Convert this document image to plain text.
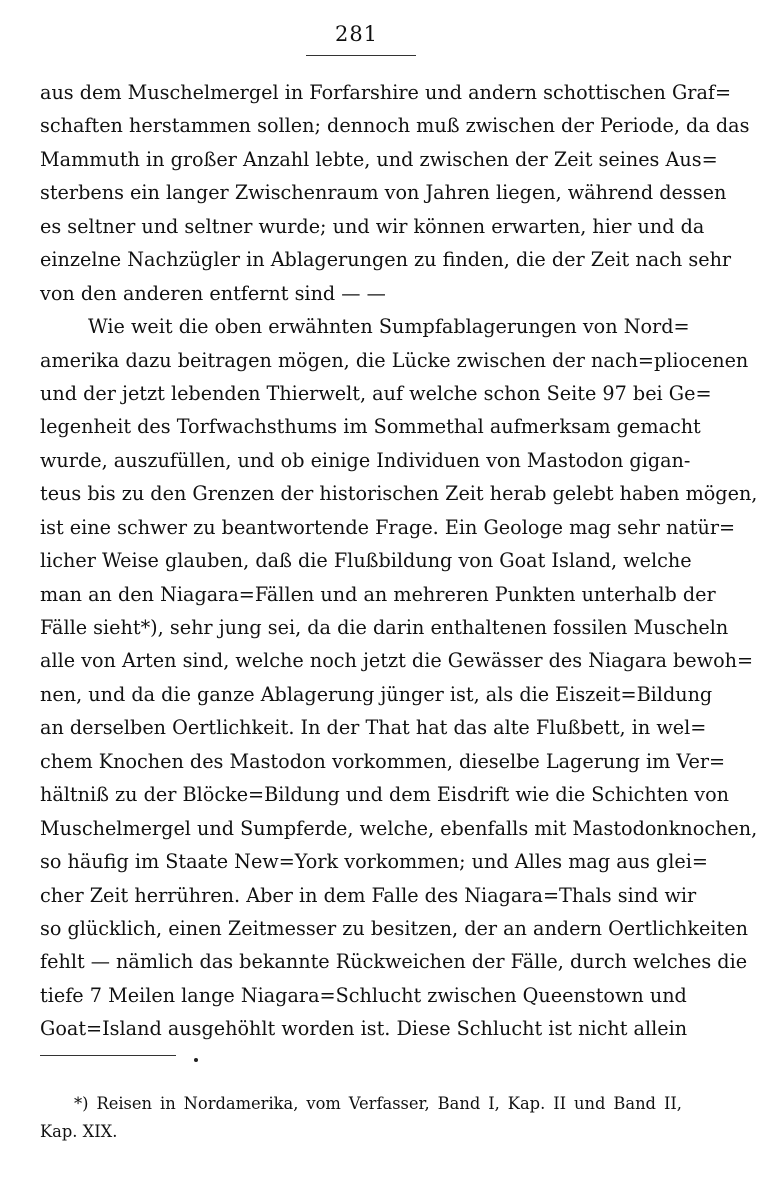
281
aus dem Muschelmergel in Forfarshire und andern schottischen Graf=
schaften herstammen sollen; dennoch muß zwischen der Periode, da das
Mammuth in großer Anzahl lebte, und zwischen der Zeit seines Aus=
sterbens ein langer Zwischenraum von Jahren liegen, während dessen
es seltner und seltner wurde; und wir können erwarten, hier und da
einzelne Nachzügler in Ablagerungen zu finden, die der Zeit nach sehr
von den anderen entfernt sind — —
Wie weit die oben erwähnten Sumpfablagerungen von Nord=
amerika dazu beitragen mögen, die Lücke zwischen der nach=pliocenen
und der jetzt lebenden Thierwelt, auf welche schon Seite 97 bei Ge=
legenheit des Torfwachsthums im Sommethal aufmerksam gemacht
wurde, auszufüllen, und ob einige Individuen von Mastodon gigan-
teus bis zu den Grenzen der historischen Zeit herab gelebt haben mögen,
ist eine schwer zu beantwortende Frage. Ein Geologe mag sehr natür=
licher Weise glauben, daß die Flußbildung von Goat Island, welche
man an den Niagara=Fällen und an mehreren Punkten unterhalb der
Fälle sieht*), sehr jung sei, da die darin enthaltenen fossilen Muscheln
alle von Arten sind, welche noch jetzt die Gewässer des Niagara bewoh=
nen, und da die ganze Ablagerung jünger ist, als die Eiszeit=Bildung
an derselben Oertlichkeit. In der That hat das alte Flußbett, in wel=
chem Knochen des Mastodon vorkommen, dieselbe Lagerung im Ver=
hältniß zu der Blöcke=Bildung und dem Eisdrift wie die Schichten von
Muschelmergel und Sumpferde, welche, ebenfalls mit Mastodonknochen,
so häufig im Staate New=York vorkommen; und Alles mag aus glei=
cher Zeit herrühren. Aber in dem Falle des Niagara=Thals sind wir
so glücklich, einen Zeitmesser zu besitzen, der an andern Oertlichkeiten
fehlt — nämlich das bekannte Rückweichen der Fälle, durch welches die
tiefe 7 Meilen lange Niagara=Schlucht zwischen Queenstown und
Goat=Island ausgehöhlt worden ist. Diese Schlucht ist nicht allein
*) Reisen in Nordamerika, vom Verfasser, Band I, Kap. II und Band II,
Kap. XIX.
